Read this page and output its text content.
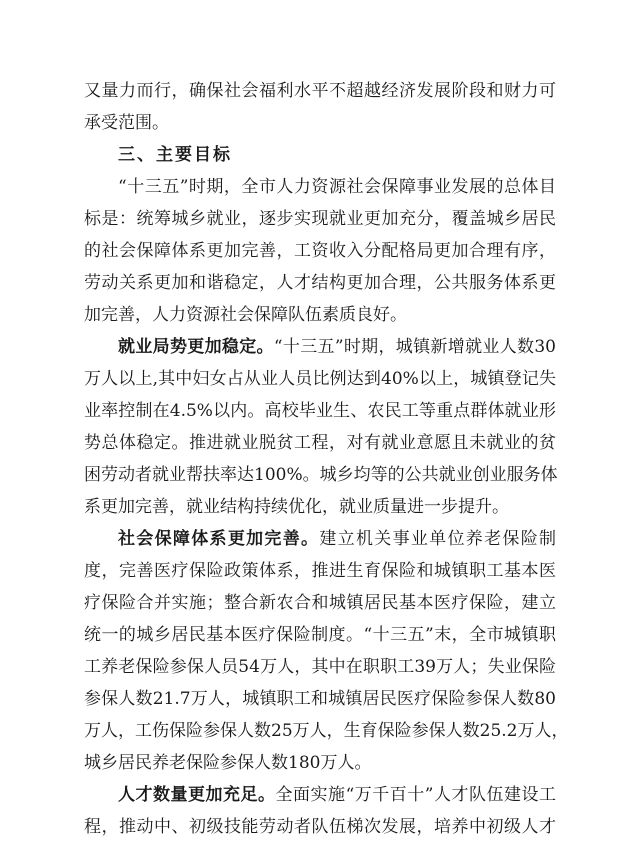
又量力而行，确保社会福利水平不超越经济发展阶段和财力可
承受范围。
三、主要目标
“十三五”时期，全市人力资源社会保障事业发展的总体目
标是：统筹城乡就业，逐步实现就业更加充分，覆盖城乡居民
的社会保障体系更加完善，工资收入分配格局更加合理有序，
劳动关系更加和谐稳定，人才结构更加合理，公共服务体系更
加完善，人力资源社会保障队伍素质良好。
就业局势更加稳定。“十三五”时期，城镇新增就业人数30
万人以上,其中妇女占从业人员比例达到40%以上，城镇登记失
业率控制在4.5%以内。高校毕业生、农民工等重点群体就业形
势总体稳定。推进就业脱贫工程，对有就业意愿且未就业的贫
困劳动者就业帮扶率达100%。城乡均等的公共就业创业服务体
系更加完善，就业结构持续优化，就业质量进一步提升。
社会保障体系更加完善。建立机关事业单位养老保险制
度，完善医疗保险政策体系，推进生育保险和城镇职工基本医
疗保险合并实施；整合新农合和城镇居民基本医疗保险，建立
统一的城乡居民基本医疗保险制度。“十三五”末，全市城镇职
工养老保险参保人员54万人，其中在职职工39万人；失业保险
参保人数21.7万人，城镇职工和城镇居民医疗保险参保人数80
万人，工伤保险参保人数25万人，生育保险参保人数25.2万人，
城乡居民养老保险参保人数180万人。
人才数量更加充足。全面实施“万千百十”人才队伍建设工
程，推动中、初级技能劳动者队伍梯次发展，培养中初级人才
